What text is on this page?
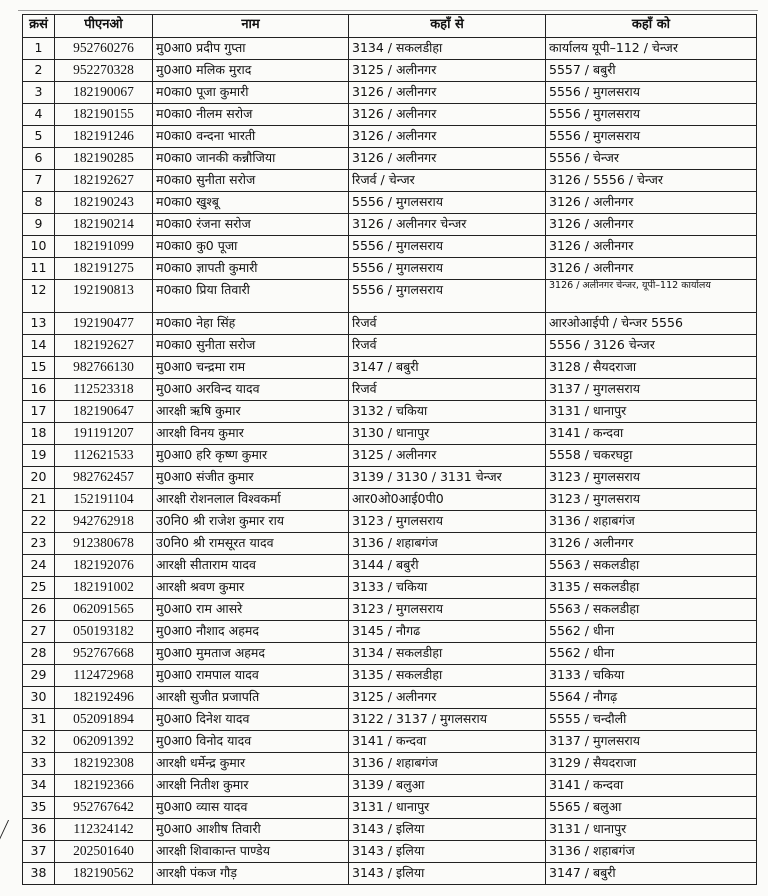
क्रसं	पीएनओ	नाम	कहाँ से	कहाँ को
1	952760276	मु0आ0 प्रदीप गुप्ता	3134 / सकलडीहा	कार्यालय यूपी–112 / चेन्जर
2	952270328	मु0आ0 मलिक मुराद	3125 / अलीनगर	5557 / बबुरी
3	182190067	म0का0 पूजा कुमारी	3126 / अलीनगर	5556 / मुगलसराय
4	182190155	म0का0 नीलम सरोज	3126 / अलीनगर	5556 / मुगलसराय
5	182191246	म0का0 वन्दना भारती	3126 / अलीनगर	5556 / मुगलसराय
6	182190285	म0का0 जानकी कन्नौजिया	3126 / अलीनगर	5556 / चेन्जर
7	182192627	म0का0 सुनीता सरोज	रिजर्व / चेन्जर	3126 / 5556 / चेन्जर
8	182190243	म0का0 खुश्बू	5556 / मुगलसराय	3126 / अलीनगर
9	182190214	म0का0 रंजना सरोज	3126 / अलीनगर चेन्जर	3126 / अलीनगर
10	182191099	म0का0 कु0 पूजा	5556 / मुगलसराय	3126 / अलीनगर
11	182191275	म0का0 ज्ञापती कुमारी	5556 / मुगलसराय	3126 / अलीनगर
12	192190813	म0का0 प्रिया तिवारी	5556 / मुगलसराय	3126 / अलीनगर चेन्जर, यूपी–112 कार्यालय
13	192190477	म0का0 नेहा सिंह	रिजर्व	आरओआईपी / चेन्जर 5556
14	182192627	म0का0 सुनीता सरोज	रिजर्व	5556 / 3126 चेन्जर
15	982766130	मु0आ0 चन्द्रमा राम	3147 / बबुरी	3128 / सैयदराजा
16	112523318	मु0आ0 अरविन्द यादव	रिजर्व	3137 / मुगलसराय
17	182190647	आरक्षी ऋषि कुमार	3132 / चकिया	3131 / धानापुर
18	191191207	आरक्षी विनय कुमार	3130 / धानापुर	3141 / कन्दवा
19	112621533	मु0आ0 हरि कृष्ण कुमार	3125 / अलीनगर	5558 / चकरघट्टा
20	982762457	मु0आ0 संजीत कुमार	3139 / 3130 / 3131 चेन्जर	3123 / मुगलसराय
21	152191104	आरक्षी रोशनलाल विश्वकर्मा	आर0ओ0आई0पी0	3123 / मुगलसराय
22	942762918	उ0नि0 श्री राजेश कुमार राय	3123 / मुगलसराय	3136 / शहाबगंज
23	912380678	उ0नि0 श्री रामसूरत यादव	3136 / शहाबगंज	3126 / अलीनगर
24	182192076	आरक्षी सीताराम यादव	3144 / बबुरी	5563 / सकलडीहा
25	182191002	आरक्षी श्रवण कुमार	3133 / चकिया	3135 / सकलडीहा
26	062091565	मु0आ0 राम आसरे	3123 / मुगलसराय	5563 / सकलडीहा
27	050193182	मु0आ0 नौशाद अहमद	3145 / नौगढ	5562 / धीना
28	952767668	मु0आ0 मुमताज अहमद	3134 / सकलडीहा	5562 / धीना
29	112472968	मु0आ0 रामपाल यादव	3135 / सकलडीहा	3133 / चकिया
30	182192496	आरक्षी सुजीत प्रजापति	3125 / अलीनगर	5564 / नौगढ़
31	052091894	मु0आ0 दिनेश यादव	3122 / 3137 / मुगलसराय	5555 / चन्दौली
32	062091392	मु0आ0 विनोद यादव	3141 / कन्दवा	3137 / मुगलसराय
33	182192308	आरक्षी धर्मेन्द्र कुमार	3136 / शहाबगंज	3129 / सैयदराजा
34	182192366	आरक्षी नितीश कुमार	3139 / बलुआ	3141 / कन्दवा
35	952767642	मु0आ0 व्यास यादव	3131 / धानापुर	5565 / बलुआ
36	112324142	मु0आ0 आशीष तिवारी	3143 / इलिया	3131 / धानापुर
37	202501640	आरक्षी शिवाकान्त पाण्डेय	3143 / इलिया	3136 / शहाबगंज
38	182190562	आरक्षी पंकज गौड़	3143 / इलिया	3147 / बबुरी
